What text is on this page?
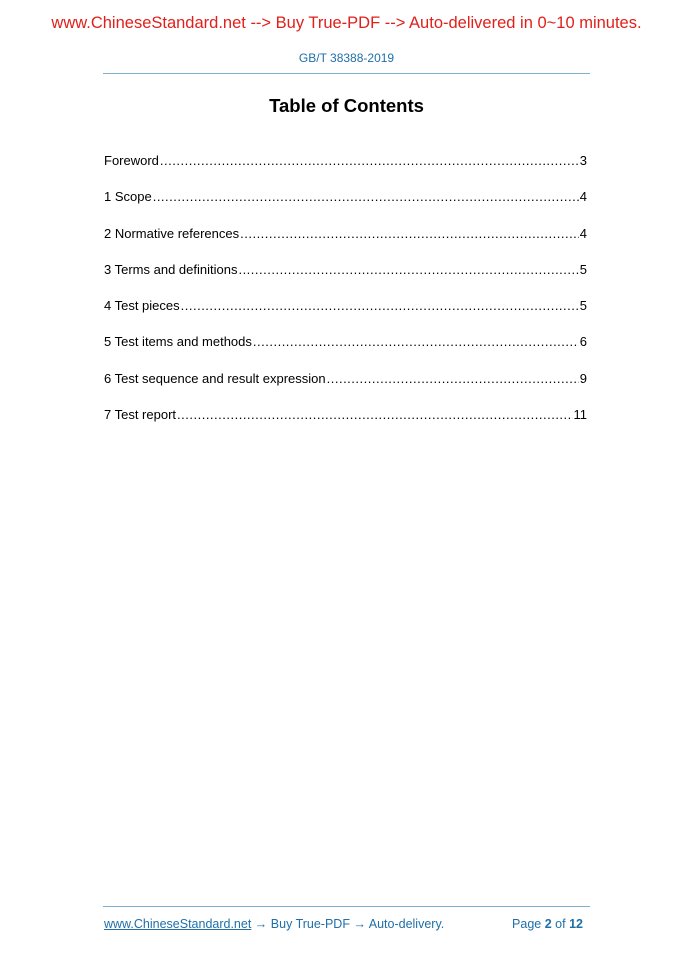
www.ChineseStandard.net --> Buy True-PDF --> Auto-delivered in 0~10 minutes.
GB/T 38388-2019
Table of Contents
Foreword .....	3
1 Scope .....	4
2 Normative references .....	4
3 Terms and definitions .....	5
4 Test pieces .....	5
5 Test items and methods .....	6
6 Test sequence and result expression .....	9
7 Test report .....	11
www.ChineseStandard.net → Buy True-PDF → Auto-delivery.	Page 2 of 12
